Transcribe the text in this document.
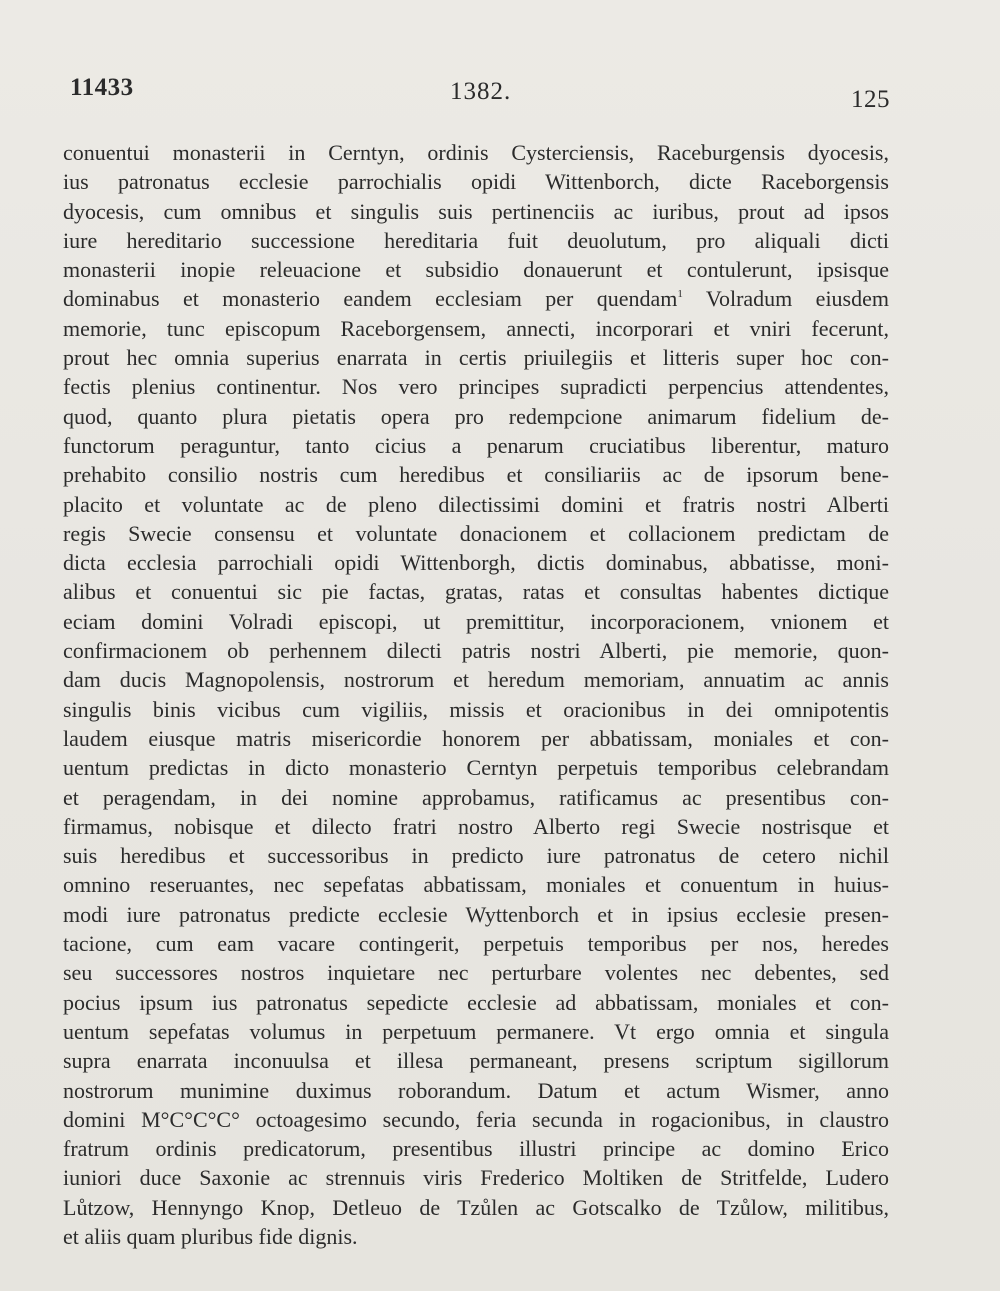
11433	1382.	125
conuentui monasterii in Cerntyn, ordinis Cysterciensis, Raceburgensis dyocesis,
ius patronatus ecclesie parrochialis opidi Wittenborch, dicte Raceborgensis
dyocesis, cum omnibus et singulis suis pertinenciis ac iuribus, prout ad ipsos
iure hereditario successione hereditaria fuit deuolutum, pro aliquali dicti
monasterii inopie releuacione et subsidio donauerunt et contulerunt, ipsisque
dominabus et monasterio eandem ecclesiam per quendam$^1$ Volradum eiusdem
memorie, tunc episcopum Raceborgensem, annecti, incorporari et vniri fecerunt,
prout hec omnia superius enarrata in certis priuilegiis et litteris super hoc con-
fectis plenius continentur. Nos vero principes supradicti perpencius attendentes,
quod, quanto plura pietatis opera pro redempcione animarum fidelium de-
functorum peraguntur, tanto cicius a penarum cruciatibus liberentur, maturo
prehabito consilio nostris cum heredibus et consiliariis ac de ipsorum bene-
placito et voluntate ac de pleno dilectissimi domini et fratris nostri Alberti
regis Swecie consensu et voluntate donacionem et collacionem predictam de
dicta ecclesia parrochiali opidi Wittenborgh, dictis dominabus, abbatisse, moni-
alibus et conuentui sic pie factas, gratas, ratas et consultas habentes dictique
eciam domini Volradi episcopi, ut premittitur, incorporacionem, vnionem et
confirmacionem ob perhennem dilecti patris nostri Alberti, pie memorie, quon-
dam ducis Magnopolensis, nostrorum et heredum memoriam, annuatim ac annis
singulis binis vicibus cum vigiliis, missis et oracionibus in dei omnipotentis
laudem eiusque matris misericordie honorem per abbatissam, moniales et con-
uentum predictas in dicto monasterio Cerntyn perpetuis temporibus celebrandam
et peragendam, in dei nomine approbamus, ratificamus ac presentibus con-
firmamus, nobisque et dilecto fratri nostro Alberto regi Swecie nostrisque et
suis heredibus et successoribus in predicto iure patronatus de cetero nichil
omnino reseruantes, nec sepefatas abbatissam, moniales et conuentum in huius-
modi iure patronatus predicte ecclesie Wyttenborch et in ipsius ecclesie presen-
tacione, cum eam vacare contingerit, perpetuis temporibus per nos, heredes
seu successores nostros inquietare nec perturbare volentes nec debentes, sed
pocius ipsum ius patronatus sepedicte ecclesie ad abbatissam, moniales et con-
uentum sepefatas volumus in perpetuum permanere. Vt ergo omnia et singula
supra enarrata inconuulsa et illesa permaneant, presens scriptum sigillorum
nostrorum munimine duximus roborandum. Datum et actum Wismer, anno
domini M°C°C°C° octoagesimo secundo, feria secunda in rogacionibus, in claustro
fratrum ordinis predicatorum, presentibus illustri principe ac domino Erico
iuniori duce Saxonie ac strennuis viris Frederico Moltiken de Stritfelde, Ludero
Lůtzow, Hennyngo Knop, Detleuo de Tzůlen ac Gotscalko de Tzůlow, militibus,
et aliis quam pluribus fide dignis.
